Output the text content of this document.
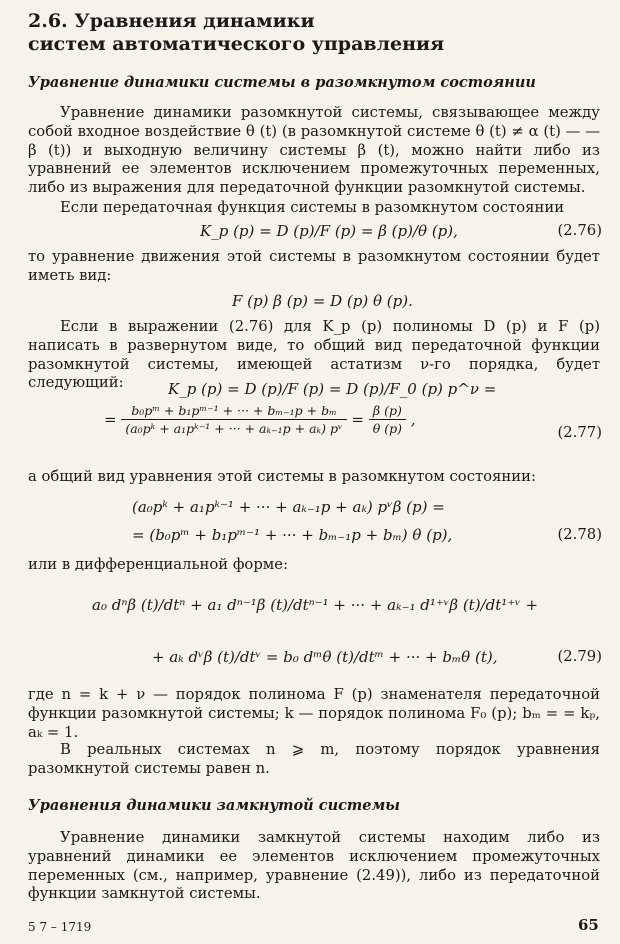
2.6. Уравнения динамики
систем автоматического управления
Уравнение динамики системы в разомкнутом состоянии
Уравнение динамики разомкнутой системы, связывающее между собой входное воздействие θ (t) (в разомкнутой системе θ (t) ≠ α (t) — — β (t)) и выходную величину системы β (t), можно найти либо из уравнений ее элементов исключением промежуточных переменных, либо из выражения для передаточной функции разомкнутой системы.
Если передаточная функция системы в разомкнутом состоянии
K_p (p) = D (p)/F (p) = β (p)/θ (p),	(2.76)
то уравнение движения этой системы в разомкнутом состоянии будет иметь вид:
F (p) β (p) = D (p) θ (p).
Если в выражении (2.76) для K_p (p) полиномы D (p) и F (p) написать в развернутом виде, то общий вид передаточной функции разомкнутой системы, имеющей астатизм ν-го порядка, будет следующий:	K_p (p) = D (p)/F (p) = D (p)/F_0 (p) p^ν =
= $\frac{\text{b₀pᵐ + b₁pᵐ⁻¹ + ··· + bₘ₋₁p + bₘ}}{\text{(a₀pᵏ + a₁pᵏ⁻¹ + ··· + aₖ₋₁p + aₖ) pᵛ}} = \frac{\beta (p)}{\theta (p)}$ ,
(2.77)
а общий вид уравнения этой системы в разомкнутом состоянии:
(a₀pᵏ + a₁pᵏ⁻¹ + ··· + aₖ₋₁p + aₖ) pᵛβ (p) =
= (b₀pᵐ + b₁pᵐ⁻¹ + ··· + bₘ₋₁p + bₘ) θ (p),	(2.78)
или в дифференциальной форме:
a₀ dⁿβ (t)/dtⁿ + a₁ dⁿ⁻¹β (t)/dtⁿ⁻¹ + ··· + aₖ₋₁ d¹⁺ᵛβ (t)/dt¹⁺ᵛ +
+ aₖ dᵛβ (t)/dtᵛ = b₀ dᵐθ (t)/dtᵐ + ··· + bₘθ (t),	(2.79)
где n = k + ν — порядок полинома F (p) знаменателя передаточной функции разомкнутой системы; k — порядок полинома F₀ (p); bₘ = = kₚ, aₖ = 1.
В реальных системах n ⩾ m, поэтому порядок уравнения разомкнутой системы равен n.
Уравнения динамики замкнутой системы
Уравнение динамики замкнутой системы находим либо из уравнений динамики ее элементов исключением промежуточных переменных (см., например, уравнение (2.49)), либо из передаточной функции замкнутой системы.
5 7 – 1719	65
